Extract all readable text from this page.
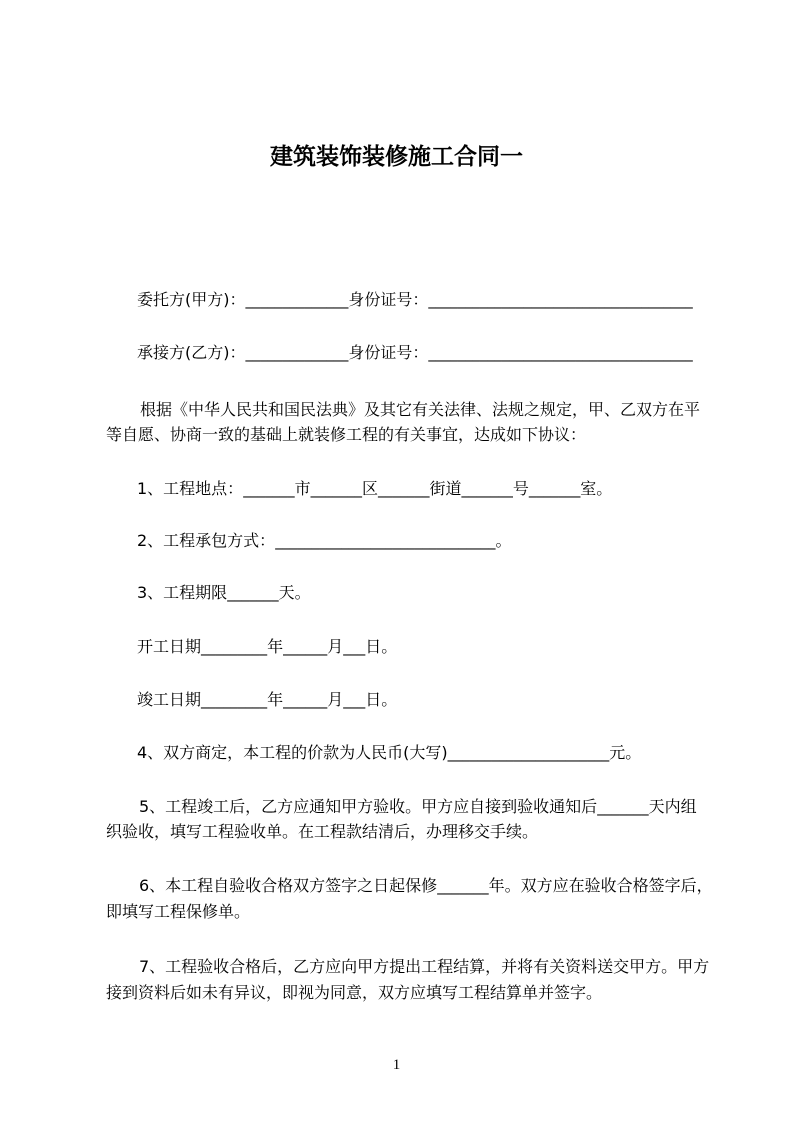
建筑装饰装修施工合同一
委托方(甲方)：______________身份证号：____________________________________
承接方(乙方)：______________身份证号：____________________________________
根据《中华人民共和国民法典》及其它有关法律、法规之规定，甲、乙双方在平
等自愿、协商一致的基础上就装修工程的有关事宜，达成如下协议：
1、工程地点：_______市_______区_______街道_______号_______室。
2、工程承包方式：______________________________。
3、工程期限_______天。
开工日期_________年______月___日。
竣工日期_________年______月___日。
4、双方商定，本工程的价款为人民币(大写)______________________元。
5、工程竣工后，乙方应通知甲方验收。甲方应自接到验收通知后_______天内组
织验收，填写工程验收单。在工程款结清后，办理移交手续。
6、本工程自验收合格双方签字之日起保修_______年。双方应在验收合格签字后，
即填写工程保修单。
7、工程验收合格后，乙方应向甲方提出工程结算，并将有关资料送交甲方。甲方
接到资料后如未有异议，即视为同意，双方应填写工程结算单并签字。
1
